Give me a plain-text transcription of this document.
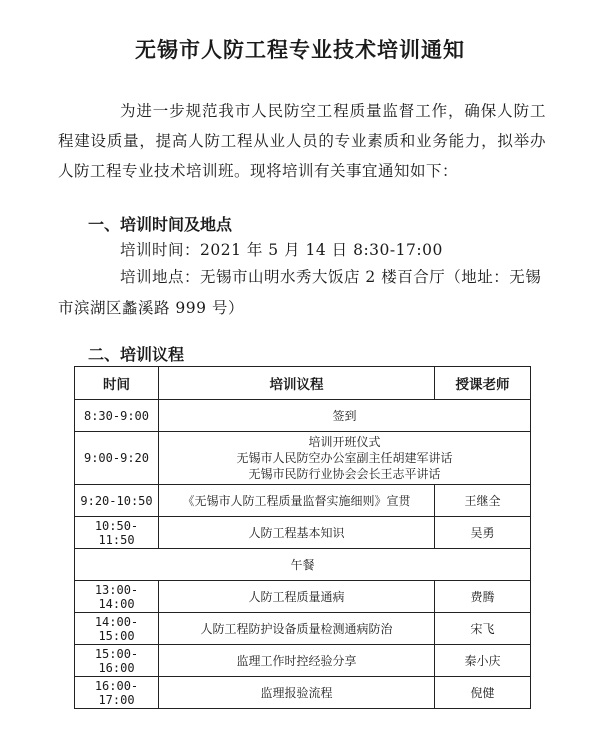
无锡市人防工程专业技术培训通知
为进一步规范我市人民防空工程质量监督工作，确保人防工程建设质量，提高人防工程从业人员的专业素质和业务能力，拟举办人防工程专业技术培训班。现将培训有关事宜通知如下：
一、培训时间及地点
培训时间：2021 年 5 月 14 日 8:30-17:00
培训地点：无锡市山明水秀大饭店 2 楼百合厅（地址：无锡市滨湖区蠡溪路 999 号）
二、培训议程
时间	培训议程	授课老师
8:30-9:00	签到	

9:00-9:20	培训开班仪式
无锡市人民防空办公室副主任胡建军讲话
无锡市民防行业协会会长王志平讲话	

9:20-10:50	《无锡市人防工程质量监督实施细则》宣贯	王继全
10:50-11:50	人防工程基本知识	吴勇

午餐		

13:00-14:00	人防工程质量通病	费腾
14:00-15:00	人防工程防护设备质量检测通病防治	宋飞
15:00-16:00	监理工作时控经验分享	秦小庆
16:00-17:00	监理报验流程	倪健
